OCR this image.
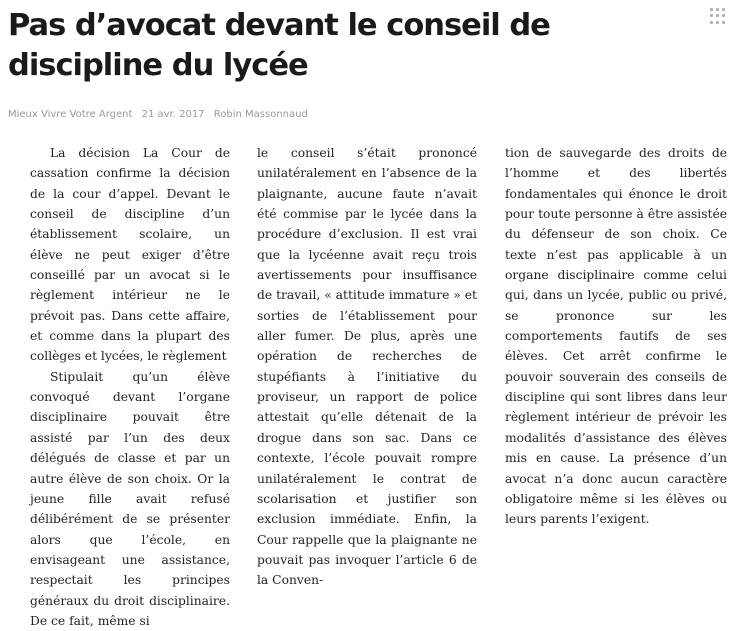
Pas d’avocat devant le conseil de discipline du lycée
Mieux Vivre Votre Argent 21 avr. 2017 Robin Massonnaud

La décision La Cour de cassation confirme la décision de la cour d’appel. Devant le conseil de discipline d’un établissement scolaire, un élève ne peut exiger d’être conseillé par un avocat si le règlement intérieur ne le prévoit pas. Dans cette affaire, et comme dans la plupart des collèges et lycées, le règlement

Stipulait qu’un élève convoqué devant l’organe disciplinaire pouvait être assisté par l’un des deux délégués de classe et par un autre élève de son choix. Or la jeune fille avait refusé délibérément de se présenter alors que l’école, en envisageant une assistance, respectait les principes généraux du droit disciplinaire. De ce fait, même si

le conseil s’était prononcé unilatéralement en l’absence de la plaignante, aucune faute n’avait été commise par le lycée dans la procédure d’exclusion. Il est vrai que la lycéenne avait reçu trois avertissements pour insuffisance de travail, « attitude immature » et sorties de l’établissement pour aller fumer. De plus, après une opération de recherches de stupéfiants à l’initiative du proviseur, un rapport de police attestait qu’elle détenait de la drogue dans son sac. Dans ce contexte, l’école pouvait rompre unilatéralement le contrat de scolarisation et justifier son exclusion immédiate. Enfin, la Cour rappelle que la plaignante ne pouvait pas invoquer l’article 6 de la Conven-

tion de sauvegarde des droits de l’homme et des libertés fondamentales qui énonce le droit pour toute personne à être assistée du défenseur de son choix. Ce texte n’est pas applicable à un organe disciplinaire comme celui qui, dans un lycée, public ou privé, se prononce sur les comportements fautifs de ses élèves. Cet arrêt confirme le pouvoir souverain des conseils de discipline qui sont libres dans leur règlement intérieur de prévoir les modalités d’assistance des élèves mis en cause. La présence d’un avocat n’a donc aucun caractère obligatoire même si les élèves ou leurs parents l’exigent.
